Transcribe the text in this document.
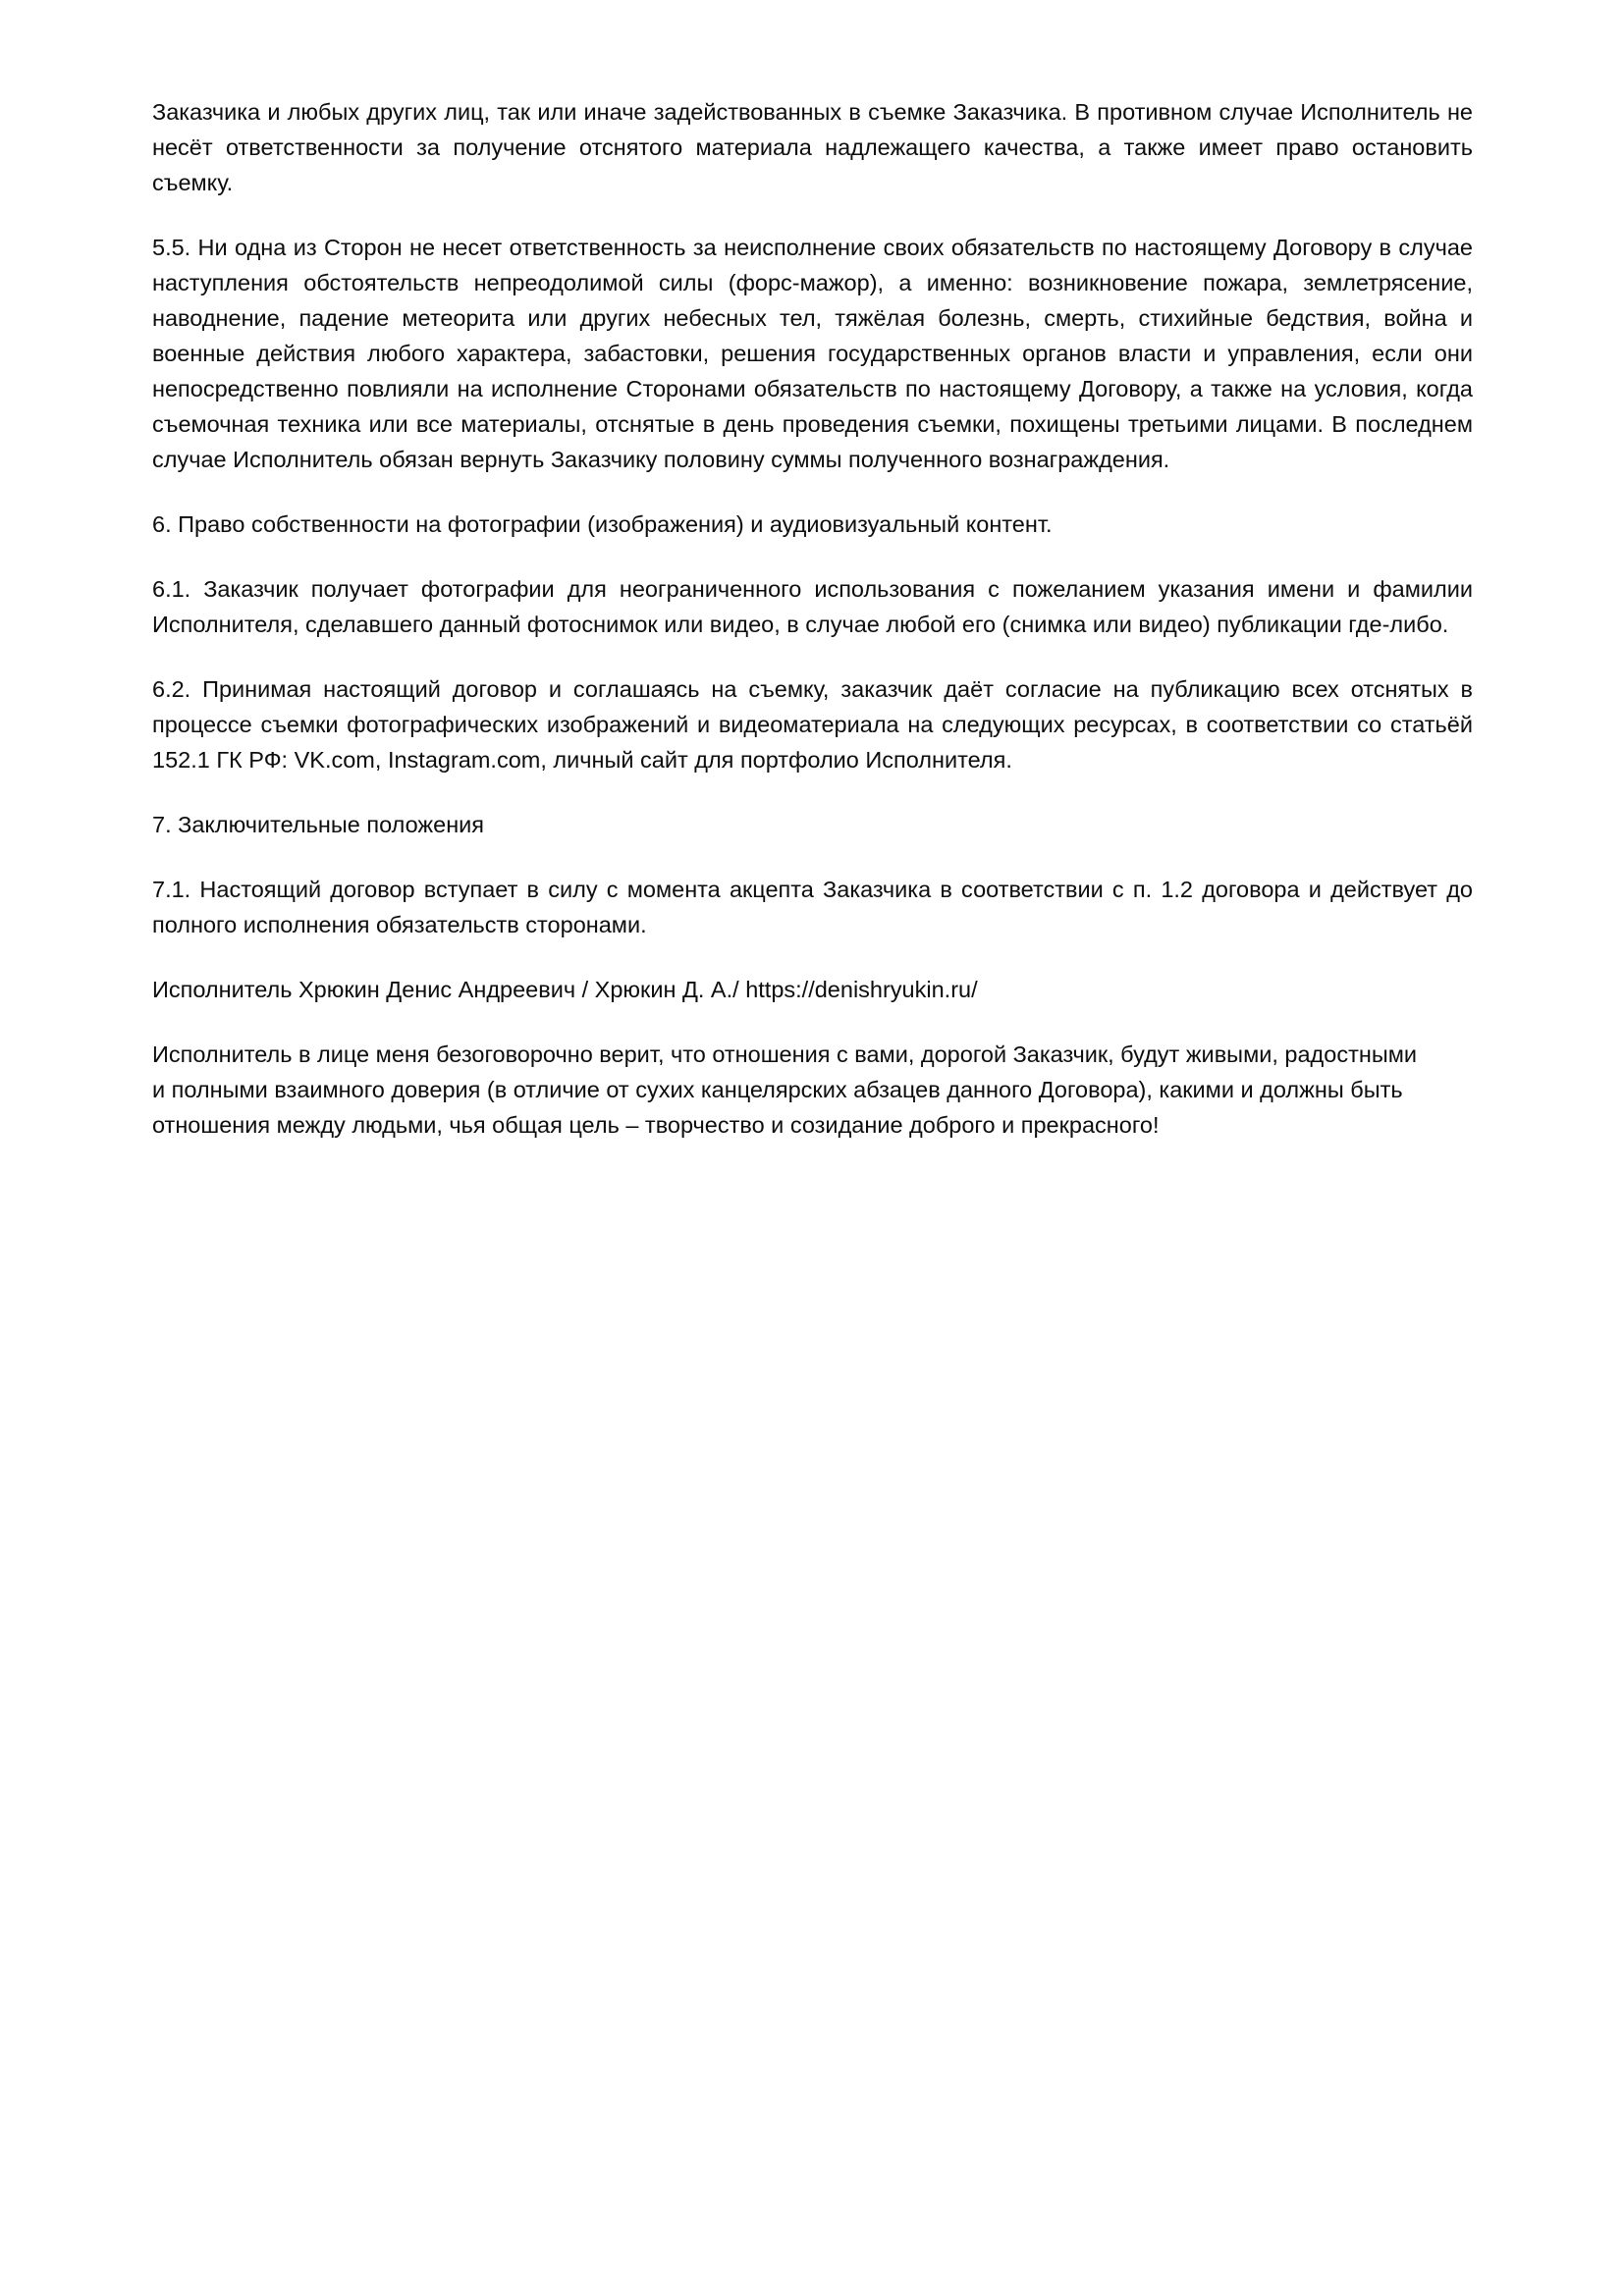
Заказчика и любых других лиц, так или иначе задействованных в съемке Заказчика. В противном случае Исполнитель не несёт ответственности за получение отснятого материала надлежащего качества, а также имеет право остановить съемку.

5.5. Ни одна из Сторон не несет ответственность за неисполнение своих обязательств по настоящему Договору в случае наступления обстоятельств непреодолимой силы (форс-мажор), а именно: возникновение пожара, землетрясение, наводнение, падение метеорита или других небесных тел, тяжёлая болезнь, смерть, стихийные бедствия, война и военные действия любого характера, забастовки, решения государственных органов власти и управления, если они непосредственно повлияли на исполнение Сторонами обязательств по настоящему Договору, а также на условия, когда съемочная техника или все материалы, отснятые в день проведения съемки, похищены третьими лицами. В последнем случае Исполнитель обязан вернуть Заказчику половину суммы полученного вознаграждения.

6. Право собственности на фотографии (изображения) и аудиовизуальный контент.

6.1. Заказчик получает фотографии для неограниченного использования с пожеланием указания имени и фамилии Исполнителя, сделавшего данный фотоснимок или видео, в случае любой его (снимка или видео) публикации где-либо.

6.2. Принимая настоящий договор и соглашаясь на съемку, заказчик даёт согласие на публикацию всех отснятых в процессе съемки фотографических изображений и видеоматериала на следующих ресурсах, в соответствии со статьёй 152.1 ГК РФ: VK.com, Instagram.com, личный сайт для портфолио Исполнителя.

7. Заключительные положения

7.1. Настоящий договор вступает в силу с момента акцепта Заказчика в соответствии с п. 1.2 договора и действует до полного исполнения обязательств сторонами.

Исполнитель Хрюкин Денис Андреевич / Хрюкин Д. А./ https://denishryukin.ru/

Исполнитель в лице меня безоговорочно верит, что отношения с вами, дорогой Заказчик, будут живыми, радостными и полными взаимного доверия (в отличие от сухих канцелярских абзацев данного Договора), какими и должны быть отношения между людьми, чья общая цель – творчество и созидание доброго и прекрасного!
